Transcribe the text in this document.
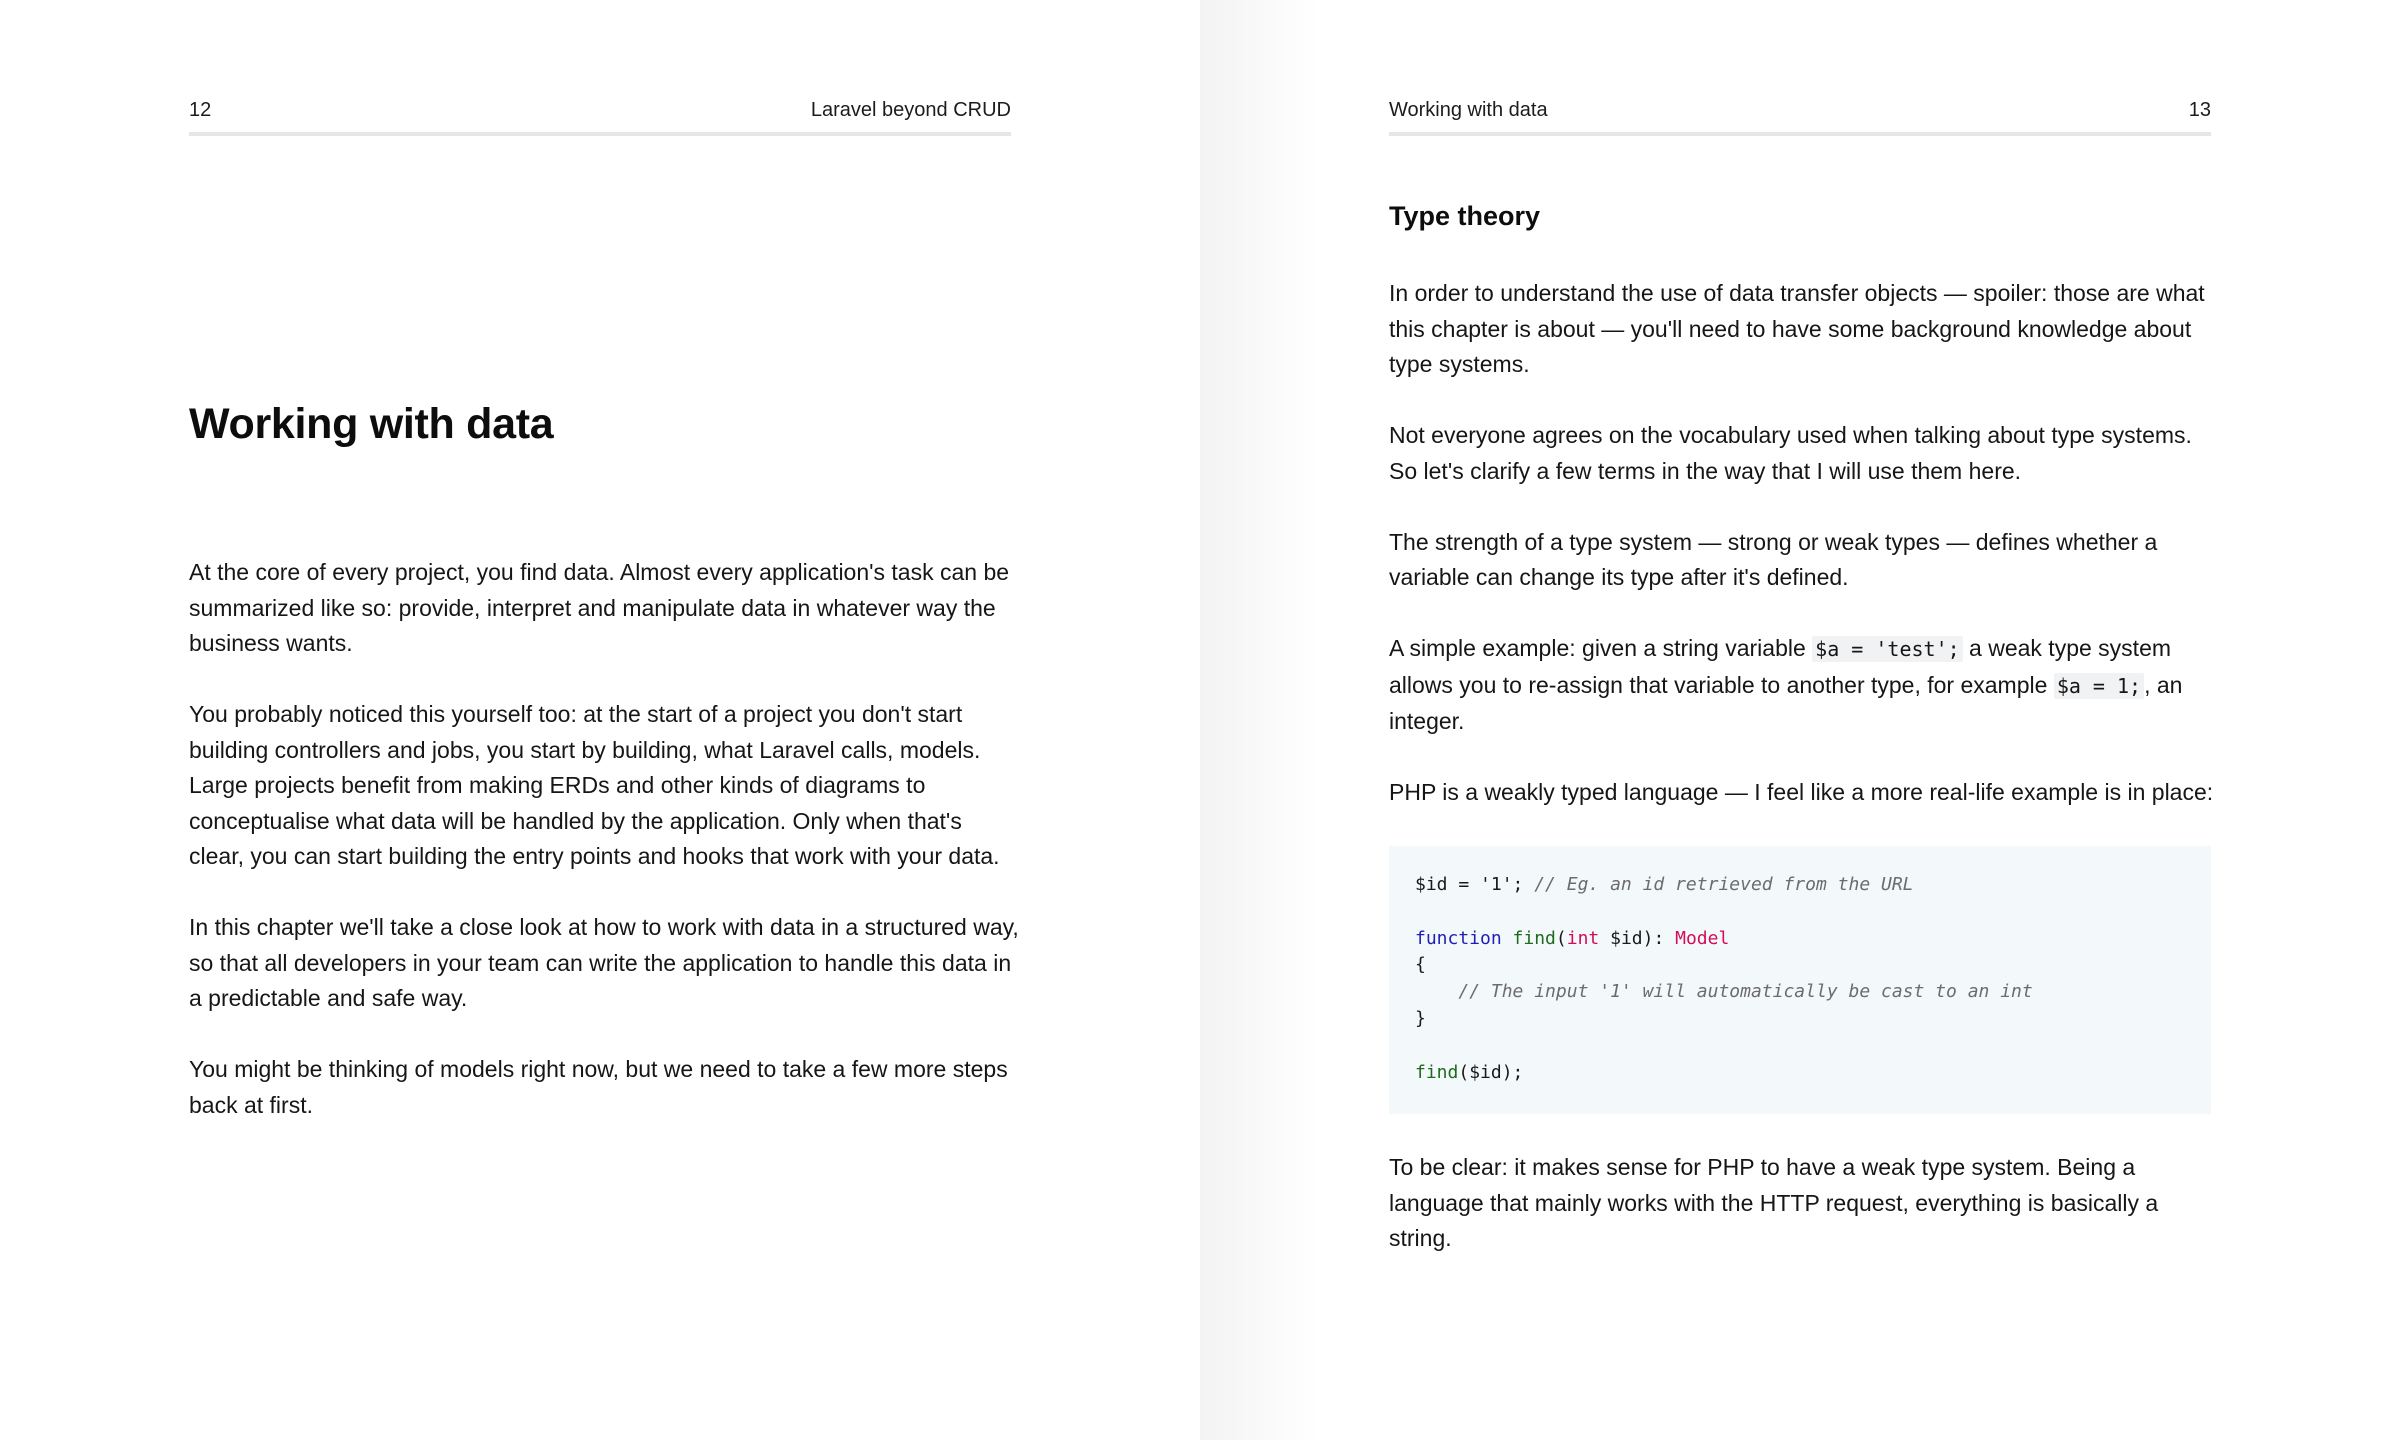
12	Laravel beyond CRUD
Working with data

At the core of every project, you find data. Almost every application's task can be summarized like so: provide, interpret and manipulate data in whatever way the business wants.

You probably noticed this yourself too: at the start of a project you don't start building controllers and jobs, you start by building, what Laravel calls, models. Large projects benefit from making ERDs and other kinds of diagrams to conceptualise what data will be handled by the application. Only when that's clear, you can start building the entry points and hooks that work with your data.

In this chapter we'll take a close look at how to work with data in a structured way, so that all developers in your team can write the application to handle this data in a predictable and safe way.

You might be thinking of models right now, but we need to take a few more steps back at first.

Working with data	13
Type theory

In order to understand the use of data transfer objects — spoiler: those are what this chapter is about — you'll need to have some background knowledge about type systems.

Not everyone agrees on the vocabulary used when talking about type systems. So let's clarify a few terms in the way that I will use them here.

The strength of a type system — strong or weak types — defines whether a variable can change its type after it's defined.

A simple example: given a string variable $a = 'test'; a weak type system allows you to re-assign that variable to another type, for example $a = 1; , an integer.

PHP is a weakly typed language — I feel like a more real-life example is in place:

$id = '1'; // Eg. an id retrieved from the URL

function find(int $id): Model
{
// The input '1' will automatically be cast to an int
}

find($id);

To be clear: it makes sense for PHP to have a weak type system. Being a language that mainly works with the HTTP request, everything is basically a string.
